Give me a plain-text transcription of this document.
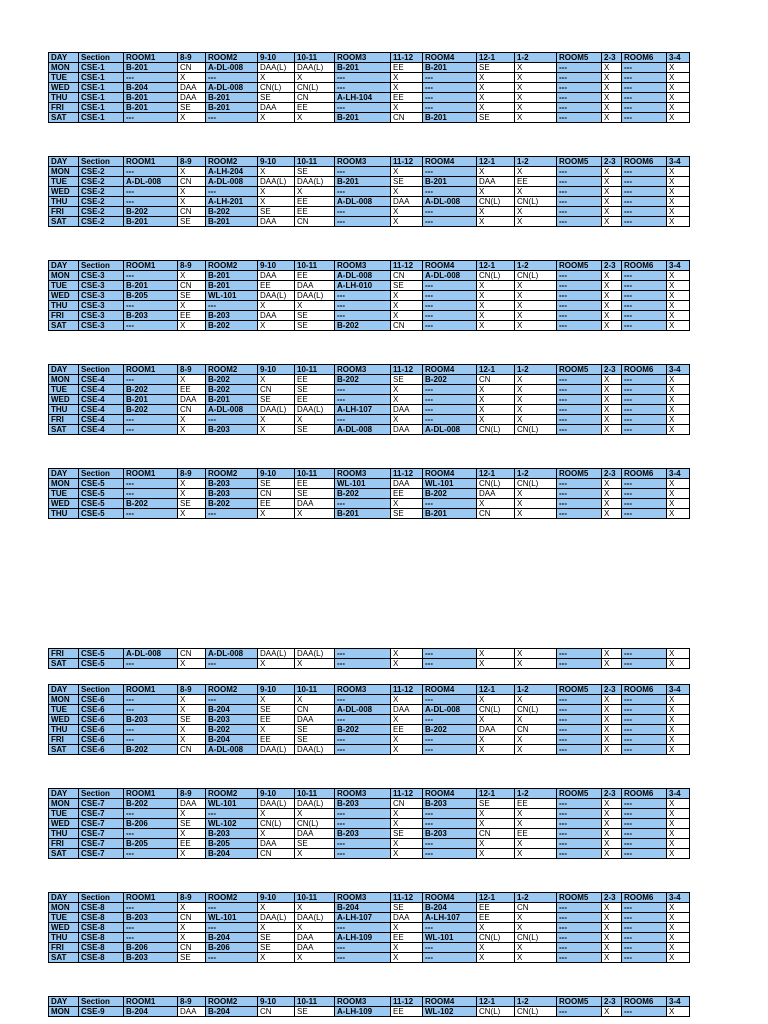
DAY	Section	ROOM1	8-9	ROOM2	9-10	10-11	ROOM3	11-12	ROOM4	12-1	1-2	ROOM5	2-3	ROOM6	3-4
MON	CSE-1	B-201	CN	A-DL-008	DAA(L)	DAA(L)	B-201	EE	B-201	SE	X	---	X	---	X
TUE	CSE-1	---	X	---	X	X	---	X	---	X	X	---	X	---	X
WED	CSE-1	B-204	DAA	A-DL-008	CN(L)	CN(L)	---	X	---	X	X	---	X	---	X
THU	CSE-1	B-201	DAA	B-201	SE	CN	A-LH-104	EE	---	X	X	---	X	---	X
FRI	CSE-1	B-201	SE	B-201	DAA	EE	---	X	---	X	X	---	X	---	X
SAT	CSE-1	---	X	---	X	X	B-201	CN	B-201	SE	X	---	X	---	X
DAY	Section	ROOM1	8-9	ROOM2	9-10	10-11	ROOM3	11-12	ROOM4	12-1	1-2	ROOM5	2-3	ROOM6	3-4
MON	CSE-2	---	X	A-LH-204	X	SE	---	X	---	X	X	---	X	---	X
TUE	CSE-2	A-DL-008	CN	A-DL-008	DAA(L)	DAA(L)	B-201	SE	B-201	DAA	EE	---	X	---	X
WED	CSE-2	---	X	---	X	X	---	X	---	X	X	---	X	---	X
THU	CSE-2	---	X	A-LH-201	X	EE	A-DL-008	DAA	A-DL-008	CN(L)	CN(L)	---	X	---	X
FRI	CSE-2	B-202	CN	B-202	SE	EE	---	X	---	X	X	---	X	---	X
SAT	CSE-2	B-201	SE	B-201	DAA	CN	---	X	---	X	X	---	X	---	X
DAY	Section	ROOM1	8-9	ROOM2	9-10	10-11	ROOM3	11-12	ROOM4	12-1	1-2	ROOM5	2-3	ROOM6	3-4
MON	CSE-3	---	X	B-201	DAA	EE	A-DL-008	CN	A-DL-008	CN(L)	CN(L)	---	X	---	X
TUE	CSE-3	B-201	CN	B-201	EE	DAA	A-LH-010	SE	---	X	X	---	X	---	X
WED	CSE-3	B-205	SE	WL-101	DAA(L)	DAA(L)	---	X	---	X	X	---	X	---	X
THU	CSE-3	---	X	---	X	X	---	X	---	X	X	---	X	---	X
FRI	CSE-3	B-203	EE	B-203	DAA	SE	---	X	---	X	X	---	X	---	X
SAT	CSE-3	---	X	B-202	X	SE	B-202	CN	---	X	X	---	X	---	X
DAY	Section	ROOM1	8-9	ROOM2	9-10	10-11	ROOM3	11-12	ROOM4	12-1	1-2	ROOM5	2-3	ROOM6	3-4
MON	CSE-4	---	X	B-202	X	EE	B-202	SE	B-202	CN	X	---	X	---	X
TUE	CSE-4	B-202	EE	B-202	CN	SE	---	X	---	X	X	---	X	---	X
WED	CSE-4	B-201	DAA	B-201	SE	EE	---	X	---	X	X	---	X	---	X
THU	CSE-4	B-202	CN	A-DL-008	DAA(L)	DAA(L)	A-LH-107	DAA	---	X	X	---	X	---	X
FRI	CSE-4	---	X	---	X	X	---	X	---	X	X	---	X	---	X
SAT	CSE-4	---	X	B-203	X	SE	A-DL-008	DAA	A-DL-008	CN(L)	CN(L)	---	X	---	X
DAY	Section	ROOM1	8-9	ROOM2	9-10	10-11	ROOM3	11-12	ROOM4	12-1	1-2	ROOM5	2-3	ROOM6	3-4
MON	CSE-5	---	X	B-203	SE	EE	WL-101	DAA	WL-101	CN(L)	CN(L)	---	X	---	X
TUE	CSE-5	---	X	B-203	CN	SE	B-202	EE	B-202	DAA	X	---	X	---	X
WED	CSE-5	B-202	SE	B-202	EE	DAA	---	X	---	X	X	---	X	---	X
THU	CSE-5	---	X	---	X	X	B-201	SE	B-201	CN	X	---	X	---	X
FRI	CSE-5	A-DL-008	CN	A-DL-008	DAA(L)	DAA(L)	---	X	---	X	X	---	X	---	X
SAT	CSE-5	---	X	---	X	X	---	X	---	X	X	---	X	---	X
DAY	Section	ROOM1	8-9	ROOM2	9-10	10-11	ROOM3	11-12	ROOM4	12-1	1-2	ROOM5	2-3	ROOM6	3-4
MON	CSE-6	---	X	---	X	X	---	X	---	X	X	---	X	---	X
TUE	CSE-6	---	X	B-204	SE	CN	A-DL-008	DAA	A-DL-008	CN(L)	CN(L)	---	X	---	X
WED	CSE-6	B-203	SE	B-203	EE	DAA	---	X	---	X	X	---	X	---	X
THU	CSE-6	---	X	B-202	X	SE	B-202	EE	B-202	DAA	CN	---	X	---	X
FRI	CSE-6	---	X	B-204	EE	SE	---	X	---	X	X	---	X	---	X
SAT	CSE-6	B-202	CN	A-DL-008	DAA(L)	DAA(L)	---	X	---	X	X	---	X	---	X
DAY	Section	ROOM1	8-9	ROOM2	9-10	10-11	ROOM3	11-12	ROOM4	12-1	1-2	ROOM5	2-3	ROOM6	3-4
MON	CSE-7	B-202	DAA	WL-101	DAA(L)	DAA(L)	B-203	CN	B-203	SE	EE	---	X	---	X
TUE	CSE-7	---	X	---	X	X	---	X	---	X	X	---	X	---	X
WED	CSE-7	B-206	SE	WL-102	CN(L)	CN(L)	---	X	---	X	X	---	X	---	X
THU	CSE-7	---	X	B-203	X	DAA	B-203	SE	B-203	CN	EE	---	X	---	X
FRI	CSE-7	B-205	EE	B-205	DAA	SE	---	X	---	X	X	---	X	---	X
SAT	CSE-7	---	X	B-204	CN	X	---	X	---	X	X	---	X	---	X
DAY	Section	ROOM1	8-9	ROOM2	9-10	10-11	ROOM3	11-12	ROOM4	12-1	1-2	ROOM5	2-3	ROOM6	3-4
MON	CSE-8	---	X	---	X	X	B-204	SE	B-204	EE	CN	---	X	---	X
TUE	CSE-8	B-203	CN	WL-101	DAA(L)	DAA(L)	A-LH-107	DAA	A-LH-107	EE	X	---	X	---	X
WED	CSE-8	---	X	---	X	X	---	X	---	X	X	---	X	---	X
THU	CSE-8	---	X	B-204	SE	DAA	A-LH-109	EE	WL-101	CN(L)	CN(L)	---	X	---	X
FRI	CSE-8	B-206	CN	B-206	SE	DAA	---	X	---	X	X	---	X	---	X
SAT	CSE-8	B-203	SE	---	X	X	---	X	---	X	X	---	X	---	X
DAY	Section	ROOM1	8-9	ROOM2	9-10	10-11	ROOM3	11-12	ROOM4	12-1	1-2	ROOM5	2-3	ROOM6	3-4
MON	CSE-9	B-204	DAA	B-204	CN	SE	A-LH-109	EE	WL-102	CN(L)	CN(L)	---	X	---	X
